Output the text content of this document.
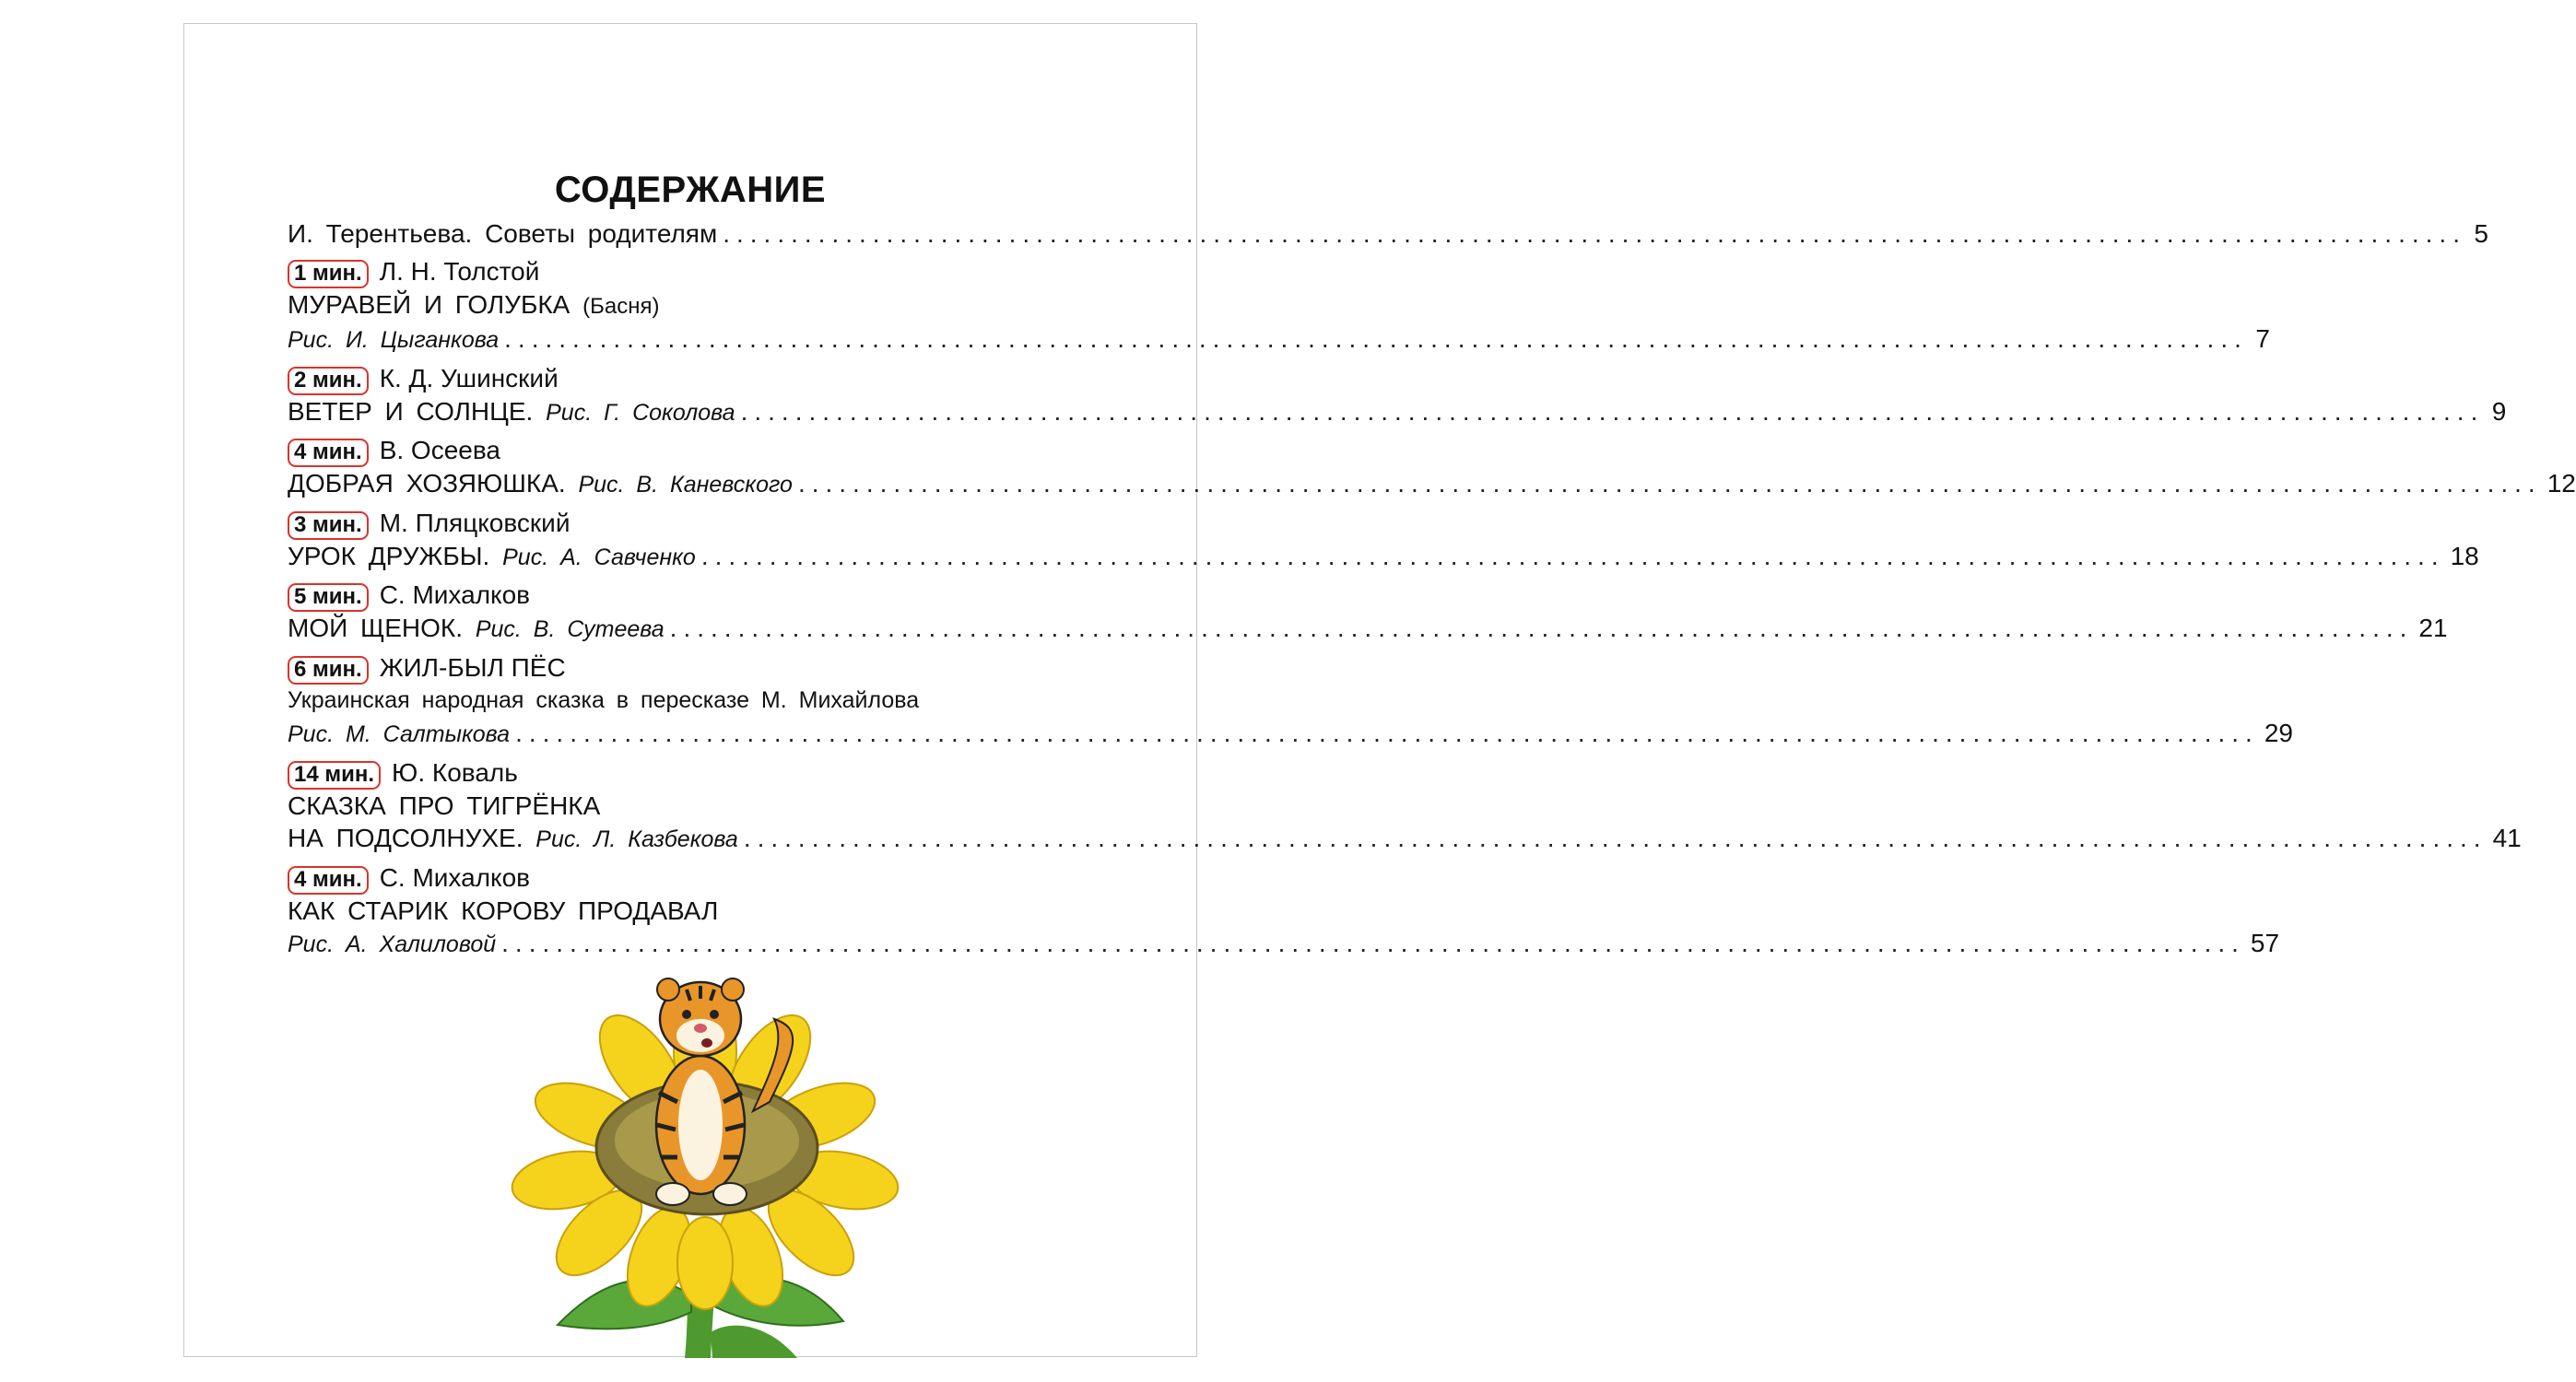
СОДЕРЖАНИЕ
И. Терентьева. Советы родителям ................................................................................................................................ 5
1 мин. Л. Н. Толстой
МУРАВЕЙ И ГОЛУБКА
(Басня)
Рис. И. Цыганкова ................................................................................................................................ 7
2 мин. К. Д. Ушинский
ВЕТЕР И СОЛНЦЕ.
Рис. Г. Соколова ................................................................................................................................ 9
4 мин. В. Осеева
ДОБРАЯ ХОЗЯЮШКА.
Рис. В. Каневского ................................................................................................................................ 12
3 мин. М. Пляцковский
УРОК ДРУЖБЫ.
Рис. А. Савченко ................................................................................................................................ 18
5 мин. С. Михалков
МОЙ ЩЕНОК.
Рис. В. Сутеева ................................................................................................................................ 21
6 мин. ЖИЛ-БЫЛ ПЁС
Украинская народная сказка в пересказе М. Михайлова
Рис. М. Салтыкова ................................................................................................................................ 29
14 мин. Ю. Коваль
СКАЗКА ПРО ТИГРЁНКА
НА ПОДСОЛНУХЕ.
Рис. Л. Казбекова ................................................................................................................................ 41
4 мин. С. Михалков
КАК СТАРИК КОРОВУ ПРОДАВАЛ
Рис. А. Халиловой ................................................................................................................................ 57
